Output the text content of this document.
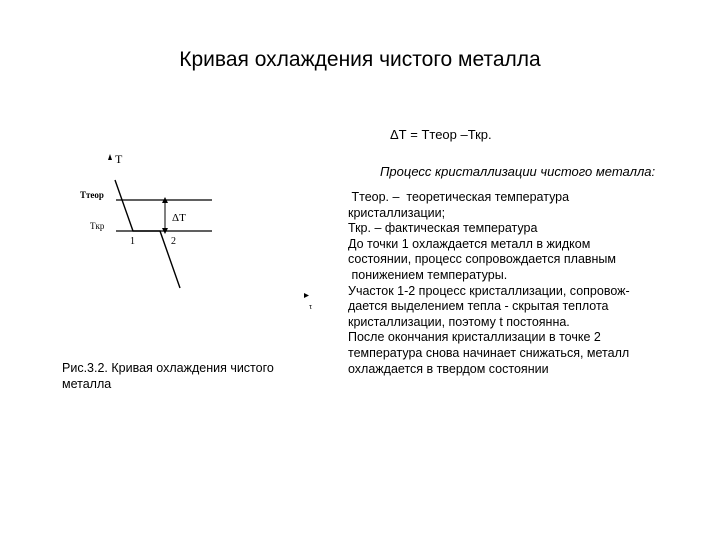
Кривая охлаждения чистого металла
ΔТ = Ттеор –Ткр.
Процесс кристаллизации чистого металла:

Ттеор. –  теоретическая температура

кристаллизации;

Ткр. – фактическая температура

До точки 1 охлаждается металл в жидком

состоянии, процесс сопровождается плавным

понижением температуры.

Участок 1-2 процесс кристаллизации, сопровож-

дается выделением тепла - скрытая теплота

кристаллизации, поэтому t постоянна.

После окончания кристаллизации в точке 2

температура снова начинает снижаться, металл

охлаждается в твердом состоянии

Рис.3.2. Кривая охлаждения чистого
металла
T
Tтеор
Tкр
ΔT
1	2
τ
